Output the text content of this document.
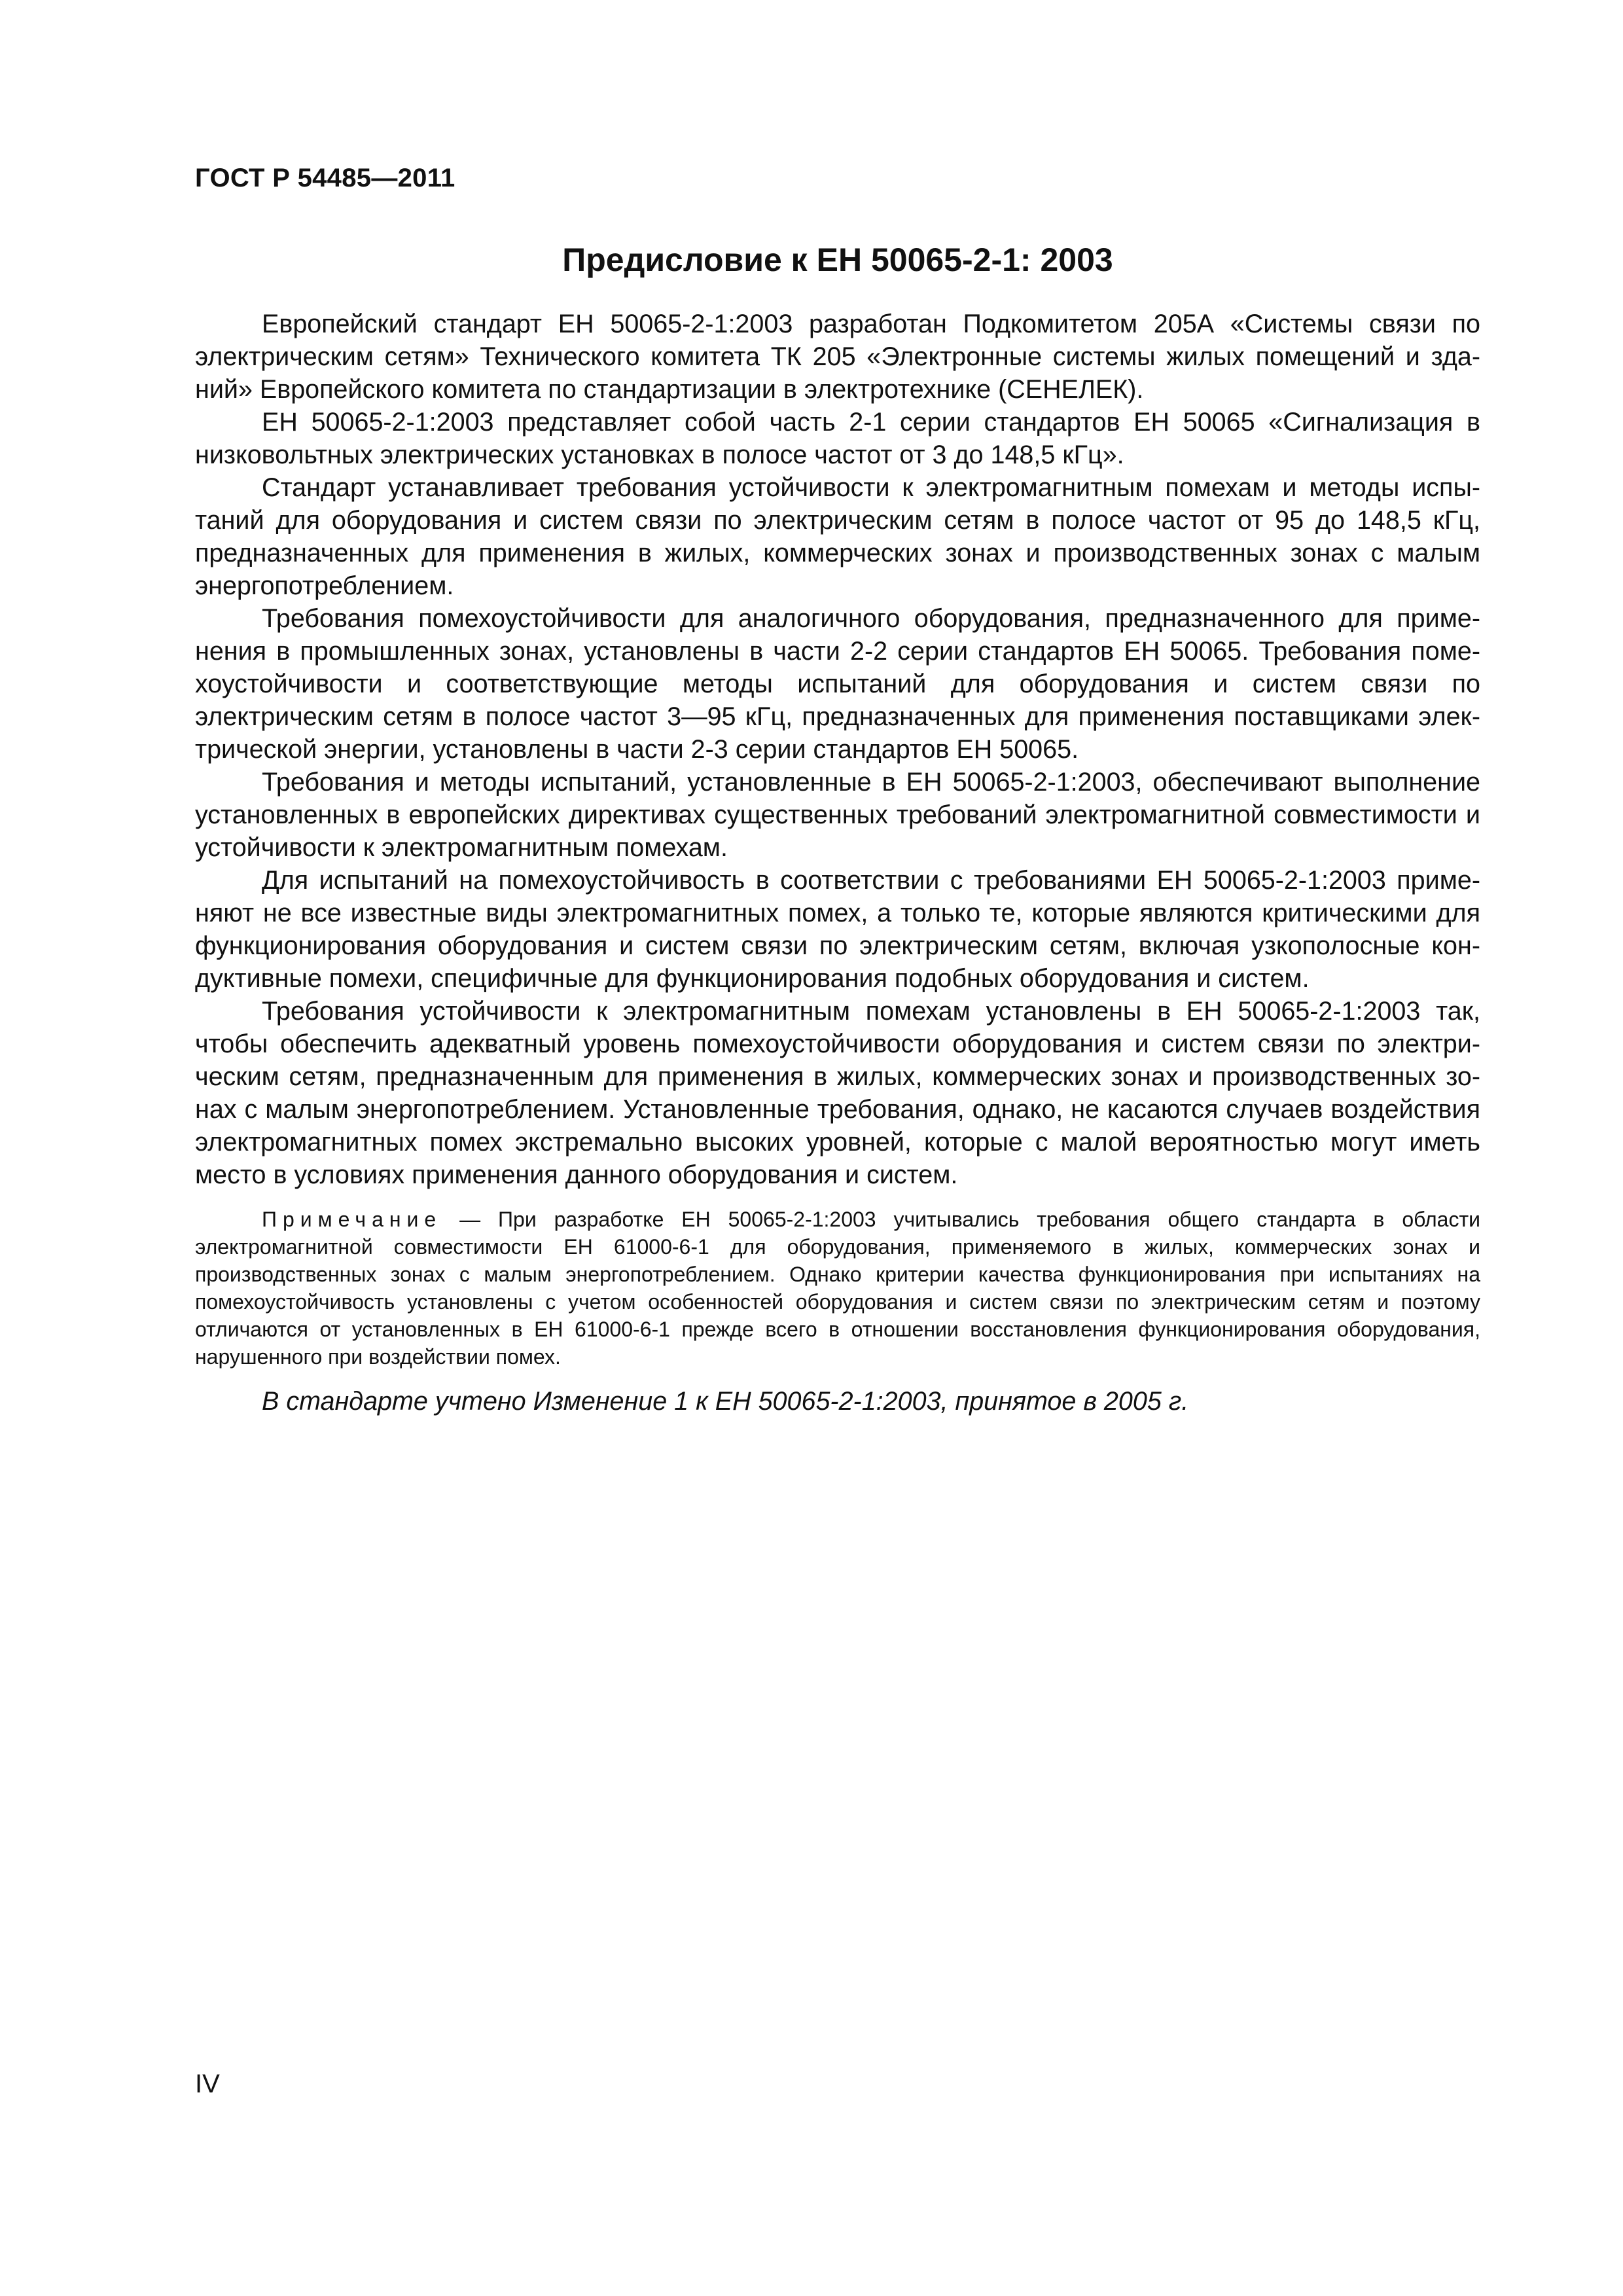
ГОСТ Р 54485—2011
Предисловие к ЕН 50065-2-1: 2003

Европейский стандарт ЕН 50065-2-1:2003 разработан Подкомитетом 205А «Системы связи по электрическим сетям» Технического комитета ТК 205 «Электронные системы жилых помещений и зданий» Европейского комитета по стандартизации в электротехнике (СЕНЕЛЕК).

ЕН 50065-2-1:2003 представляет собой часть 2-1 серии стандартов ЕН 50065 «Сигнализация в низковольтных электрических установках в полосе частот от 3 до 148,5 кГц».

Стандарт устанавливает требования устойчивости к электромагнитным помехам и методы испытаний для оборудования и систем связи по электрическим сетям в полосе частот от 95 до 148,5 кГц, предназначенных для применения в жилых, коммерческих зонах и производственных зонах с малым энергопотреблением.

Требования помехоустойчивости для аналогичного оборудования, предназначенного для применения в промышленных зонах, установлены в части 2-2 серии стандартов ЕН 50065. Требования помехоустойчивости и соответствующие методы испытаний для оборудования и систем связи по электрическим сетям в полосе частот 3—95 кГц, предназначенных для применения поставщиками электрической энергии, установлены в части 2-3 серии стандартов ЕН 50065.

Требования и методы испытаний, установленные в ЕН 50065-2-1:2003, обеспечивают выполнение установленных в европейских директивах существенных требований электромагнитной совместимости и устойчивости к электромагнитным помехам.

Для испытаний на помехоустойчивость в соответствии с требованиями ЕН 50065-2-1:2003 применяют не все известные виды электромагнитных помех, а только те, которые являются критическими для функционирования оборудования и систем связи по электрическим сетям, включая узкополосные кондуктивные помехи, специфичные для функционирования подобных оборудования и систем.

Требования устойчивости к электромагнитным помехам установлены в ЕН 50065-2-1:2003 так, чтобы обеспечить адекватный уровень помехоустойчивости оборудования и систем связи по электрическим сетям, предназначенным для применения в жилых, коммерческих зонах и производственных зонах с малым энергопотреблением. Установленные требования, однако, не касаются случаев воздействия электромагнитных помех экстремально высоких уровней, которые с малой вероятностью могут иметь место в условиях применения данного оборудования и систем.

Примечание — При разработке ЕН 50065-2-1:2003 учитывались требования общего стандарта в области электромагнитной совместимости ЕН 61000-6-1 для оборудования, применяемого в жилых, коммерческих зонах и производственных зонах с малым энергопотреблением. Однако критерии качества функционирования при испытаниях на помехоустойчивость установлены с учетом особенностей оборудования и систем связи по электрическим сетям и поэтому отличаются от установленных в ЕН 61000-6-1 прежде всего в отношении восстановления функционирования оборудования, нарушенного при воздействии помех.

В стандарте учтено Изменение 1 к ЕН 50065-2-1:2003, принятое в 2005 г.

IV
